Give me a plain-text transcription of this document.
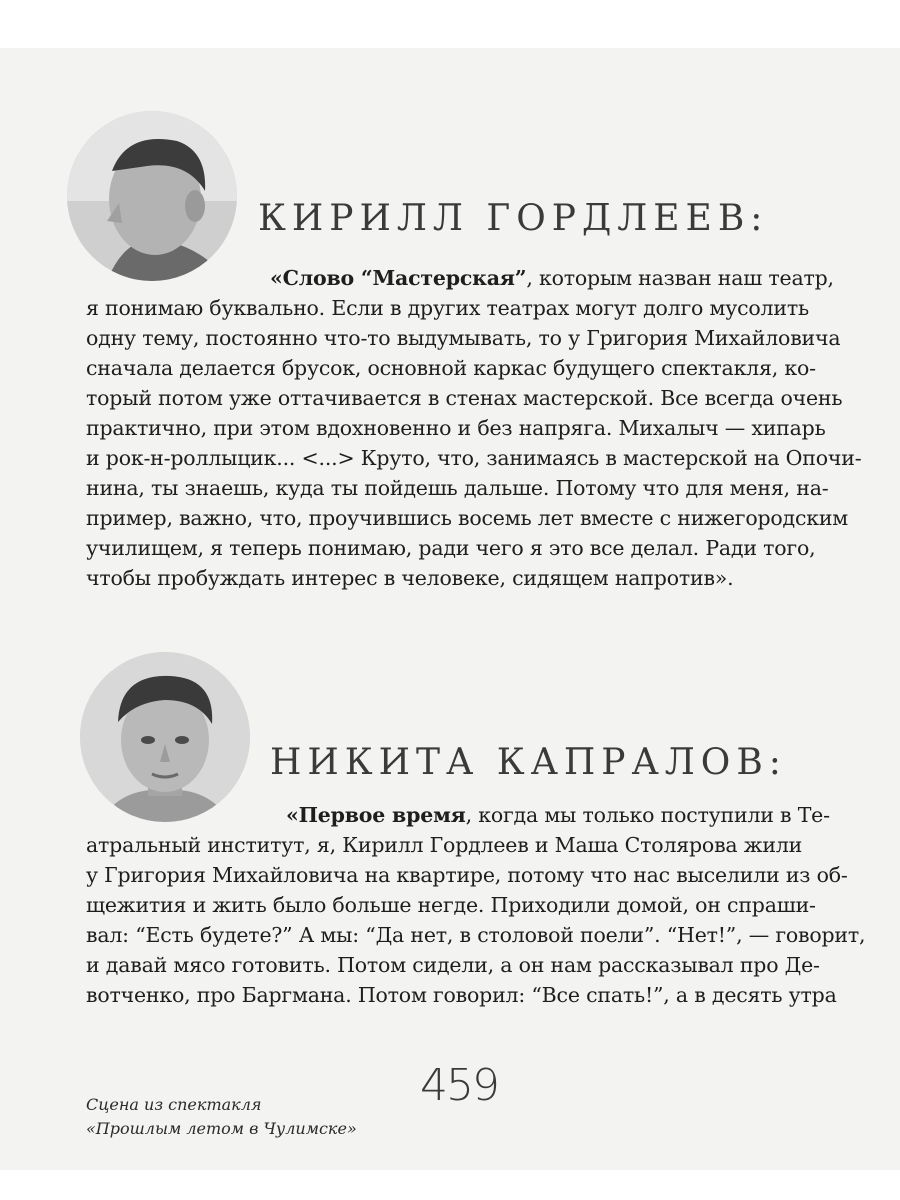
КИРИЛЛ ГОРДЛЕЕВ:
«Слово “Мастерская”, которым назван наш театр,
я понимаю буквально. Если в других театрах могут долго мусолить
одну тему, постоянно что-то выдумывать, то у Григория Михайловича
сначала делается брусок, основной каркас будущего спектакля, ко-
торый потом уже оттачивается в стенах мастерской. Все всегда очень
практично, при этом вдохновенно и без напряга. Михалыч — хипарь
и рок-н-роллыцик... <...> Круто, что, занимаясь в мастерской на Опочи-
нина, ты знаешь, куда ты пойдешь дальше. Потому что для меня, на-
пример, важно, что, проучившись восемь лет вместе с нижегородским
училищем, я теперь понимаю, ради чего я это все делал. Ради того,
чтобы пробуждать интерес в человеке, сидящем напротив».
НИКИТА КАПРАЛОВ:
«Первое время, когда мы только поступили в Те-
атральный институт, я, Кирилл Гордлеев и Маша Столярова жили
у Григория Михайловича на квартире, потому что нас выселили из об-
щежития и жить было больше негде. Приходили домой, он спраши-
вал: “Есть будете?” А мы: “Да нет, в столовой поели”. “Нет!”, — говорит,
и давай мясо готовить. Потом сидели, а он нам рассказывал про Де-
вотченко, про Баргмана. Потом говорил: “Все спать!”, а в десять утра
459
Сцена из спектакля
«Прошлым летом в Чулимске»
